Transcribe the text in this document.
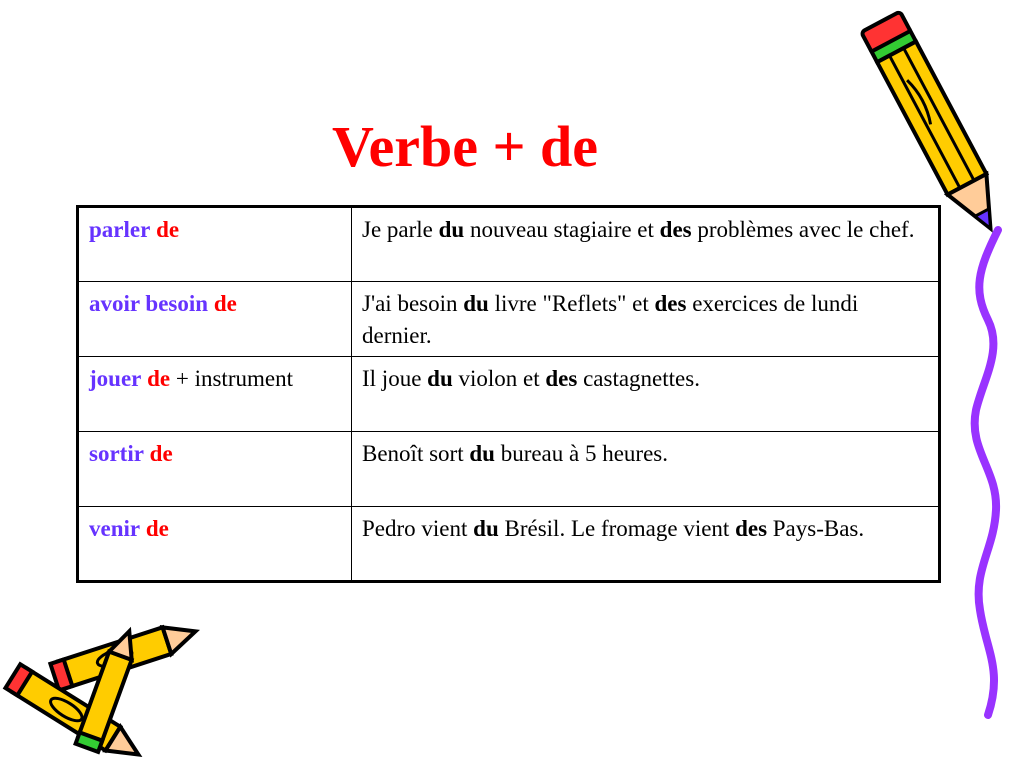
Verbe + de
parler de	Je parle du nouveau stagiaire et des problèmes avec le chef.
avoir besoin de	J'ai besoin du livre "Reflets" et des exercices de lundi dernier.
jouer de + instrument	Il joue du violon et des castagnettes.
sortir de	Benoît sort du bureau à 5 heures.
venir de	Pedro vient du Brésil. Le fromage vient des Pays-Bas.
